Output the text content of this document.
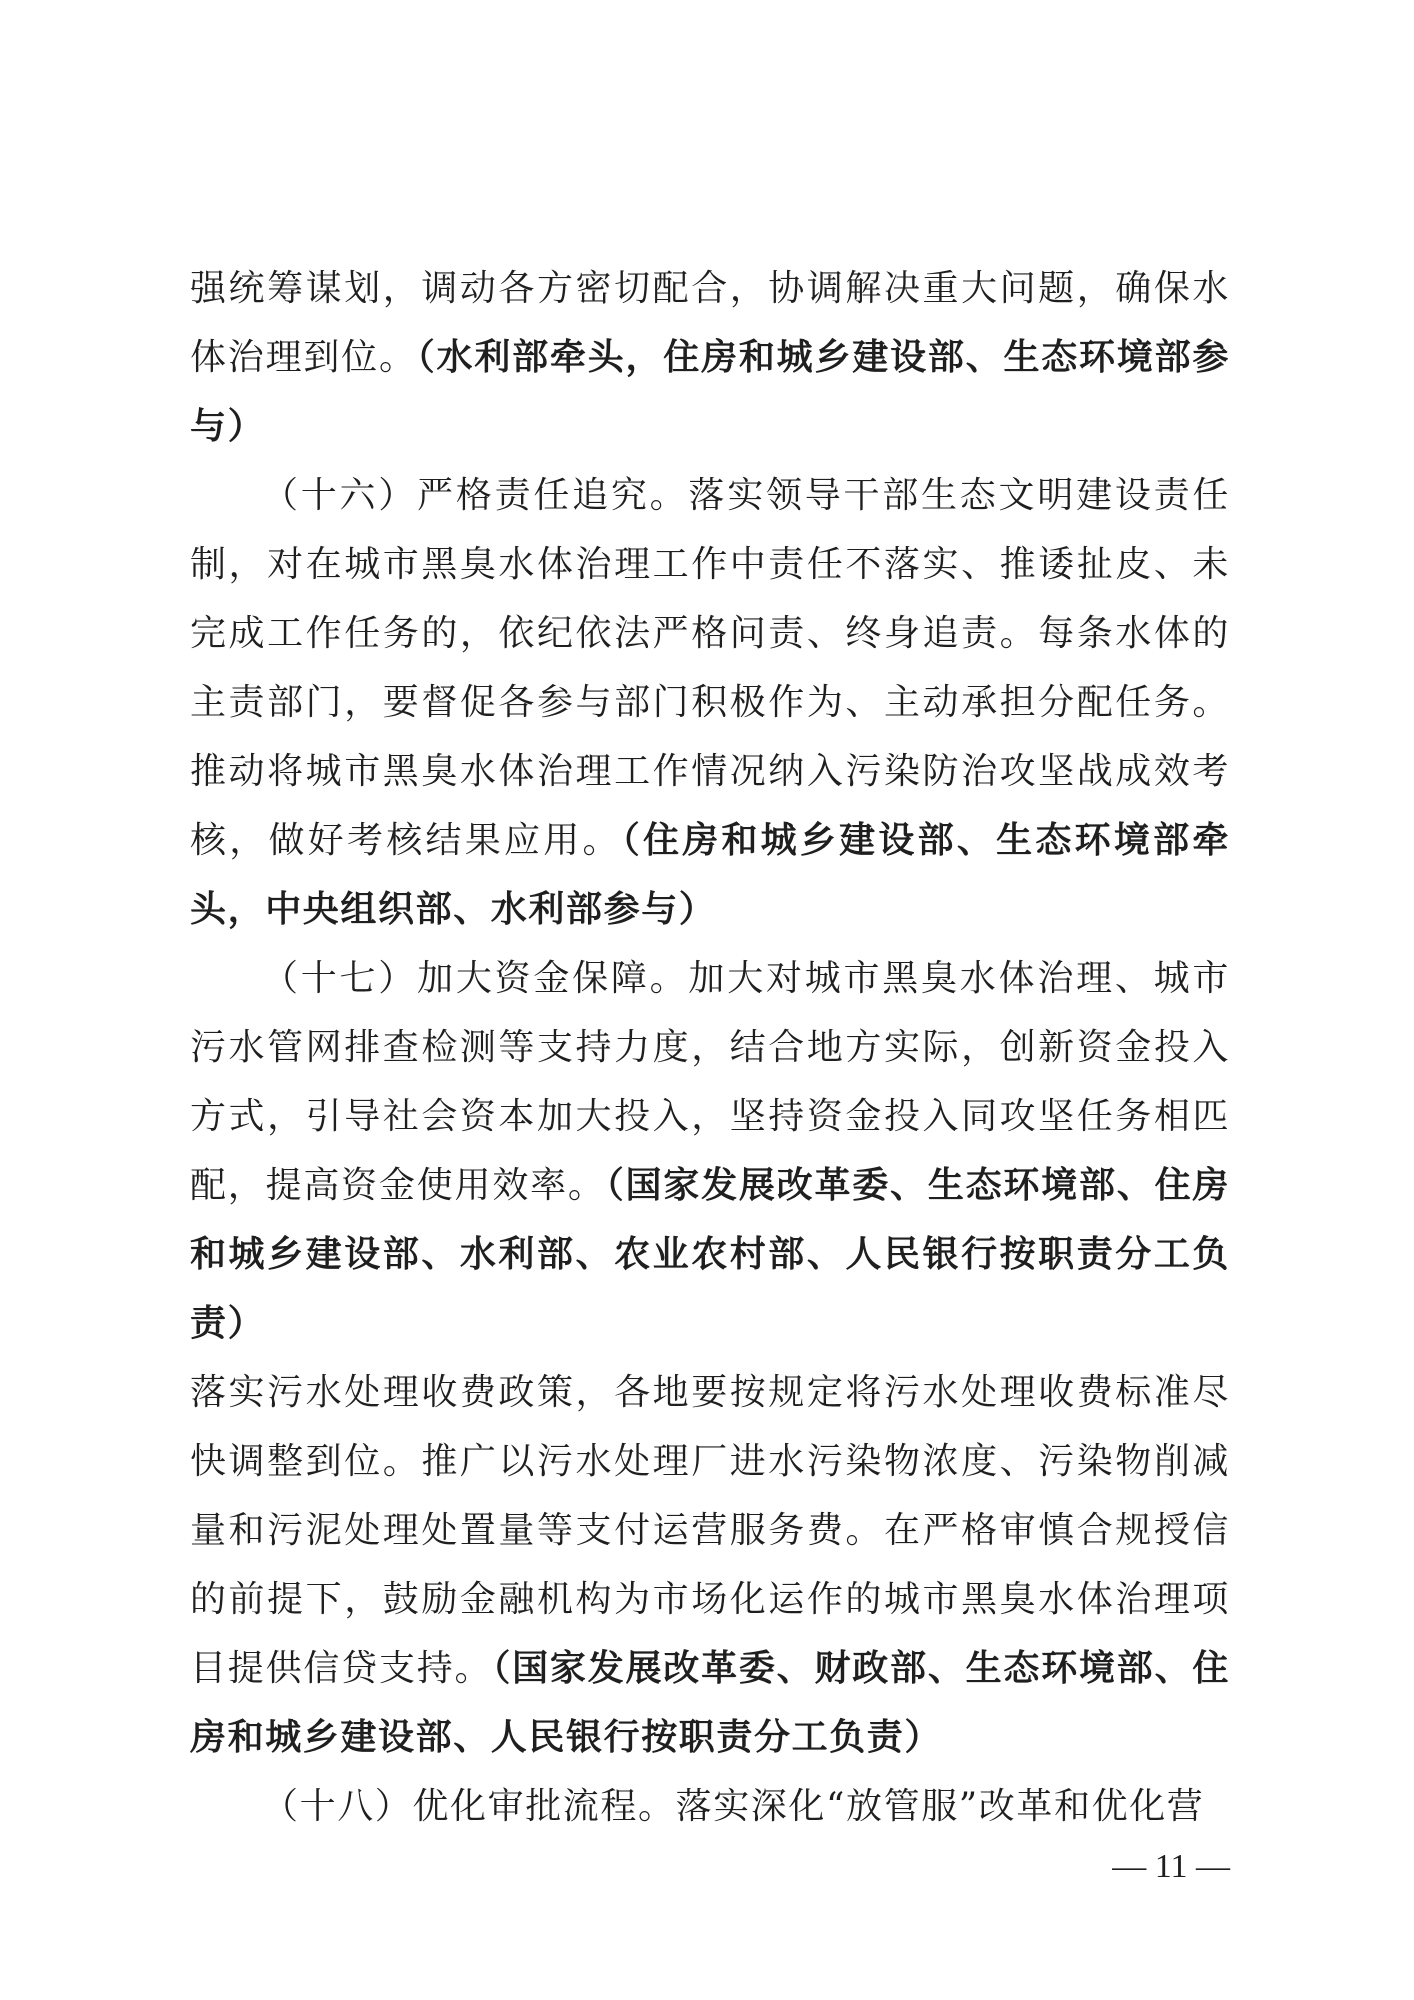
强统筹谋划，调动各方密切配合，协调解决重大问题，确保水体治理到位。（水利部牵头，住房和城乡建设部、生态环境部参与）

（十六）严格责任追究。落实领导干部生态文明建设责任制，对在城市黑臭水体治理工作中责任不落实、推诿扯皮、未完成工作任务的，依纪依法严格问责、终身追责。每条水体的主责部门，要督促各参与部门积极作为、主动承担分配任务。推动将城市黑臭水体治理工作情况纳入污染防治攻坚战成效考核，做好考核结果应用。（住房和城乡建设部、生态环境部牵头，中央组织部、水利部参与）

（十七）加大资金保障。加大对城市黑臭水体治理、城市污水管网排查检测等支持力度，结合地方实际，创新资金投入方式，引导社会资本加大投入，坚持资金投入同攻坚任务相匹配，提高资金使用效率。（国家发展改革委、生态环境部、住房和城乡建设部、水利部、农业农村部、人民银行按职责分工负责）

落实污水处理收费政策，各地要按规定将污水处理收费标准尽快调整到位。推广以污水处理厂进水污染物浓度、污染物削减量和污泥处理处置量等支付运营服务费。在严格审慎合规授信的前提下，鼓励金融机构为市场化运作的城市黑臭水体治理项目提供信贷支持。（国家发展改革委、财政部、生态环境部、住房和城乡建设部、人民银行按职责分工负责）

（十八）优化审批流程。落实深化“放管服”改革和优化营

— 11 —
